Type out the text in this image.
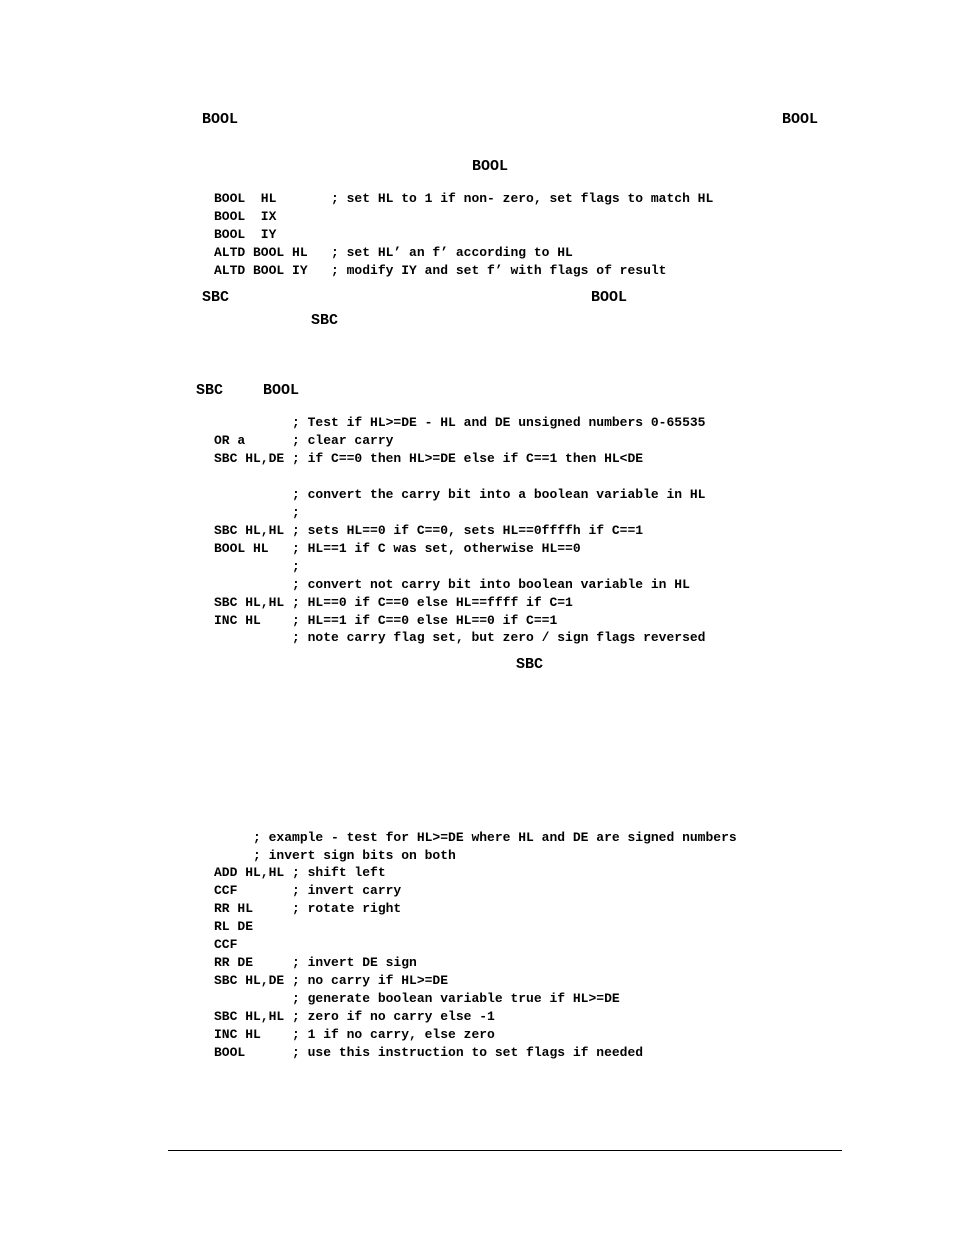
BOOL	BOOL
BOOL
BOOL  HL       ; set HL to 1 if non- zero, set flags to match HL
BOOL  IX
BOOL  IY
ALTD BOOL HL   ; set HL’ an f’ according to HL
ALTD BOOL IY   ; modify IY and set f’ with flags of result
SBC	BOOL
SBC
SBC	BOOL
; Test if HL>=DE - HL and DE unsigned numbers 0-65535
OR a      ; clear carry
SBC HL,DE ; if C==0 then HL>=DE else if C==1 then HL<DE
; convert the carry bit into a boolean variable in HL
;
SBC HL,HL ; sets HL==0 if C==0, sets HL==0ffffh if C==1
BOOL HL   ; HL==1 if C was set, otherwise HL==0
;
; convert not carry bit into boolean variable in HL
SBC HL,HL ; HL==0 if C==0 else HL==ffff if C=1
INC HL    ; HL==1 if C==0 else HL==0 if C==1
; note carry flag set, but zero / sign flags reversed
SBC
; example - test for HL>=DE where HL and DE are signed numbers
; invert sign bits on both
ADD HL,HL ; shift left
CCF       ; invert carry
RR HL     ; rotate right
RL DE
CCF
RR DE     ; invert DE sign
SBC HL,DE ; no carry if HL>=DE
; generate boolean variable true if HL>=DE
SBC HL,HL ; zero if no carry else -1
INC HL    ; 1 if no carry, else zero
BOOL      ; use this instruction to set flags if needed
